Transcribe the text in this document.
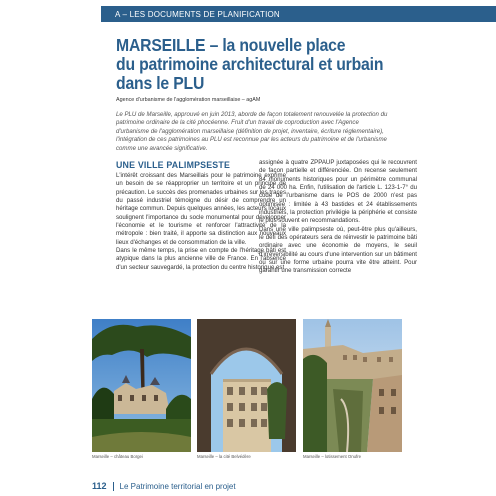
A – LES DOCUMENTS DE PLANIFICATION
MARSEILLE – la nouvelle place
du patrimoine architectural et urbain
dans le PLU
Agence d'urbanisme de l'agglomération marseillaise – agAM

Le PLU de Marseille, approuvé en juin 2013, aborde de façon totalement renouvelée la protection du patrimoine ordinaire de la cité phocéenne. Fruit d'un travail de coproduction avec l'Agence d'urbanisme de l'agglomération marseillaise (définition de projet, inventaire, écriture réglementaire), l'intégration de ces patrimoines au PLU est reconnue par les acteurs du patrimoine et de l'urbanisme comme une avancée significative.

UNE VILLE PALIMPSESTE

L'intérêt croissant des Marseillais pour le patrimoine exprime un besoin de se réapproprier un territoire et un principe de précaution. Le succès des promenades urbaines sur les traces du passé industriel témoigne du désir de comprendre un héritage commun. Depuis quelques années, les acteurs locaux soulignent l'importance du socle monumental pour développer l'économie et le tourisme et renforcer l'attractivité de la métropole : bien traité, il apporte sa distinction aux nouveaux lieux d'échanges et de consommation de la ville.

Dans le même temps, la prise en compte de l'héritage bâti est atypique dans la plus ancienne ville de France. En l'absence d'un secteur sauvegardé, la protection du centre historique est

assignée à quatre ZPPAUP juxtaposées qui le recouvrent de façon partielle et différenciée. On recense seulement 84 monuments historiques pour un périmètre communal de 24 000 ha. Enfin, l'utilisation de l'article L. 123-1-7° du code de l'urbanisme dans le POS de 2000 n'est pas optimisée : limitée à 43 bastides et 24 établissements industriels, la protection privilégie la périphérie et consiste le plus souvent en recommandations.

Dans une ville palimpseste où, peut-être plus qu'ailleurs, le défi des opérateurs sera de réinvestir le patrimoine bâti ordinaire avec une économie de moyens, le seuil d'irréversibilité au cours d'une intervention sur un bâtiment ou sur une forme urbaine pourra vite être atteint. Pour garantir une transmission correcte

Marseille – château Borgei	Marseille – la cité Belvédère	Marseille – lotissement Onufre
112 Le Patrimoine territorial en projet
